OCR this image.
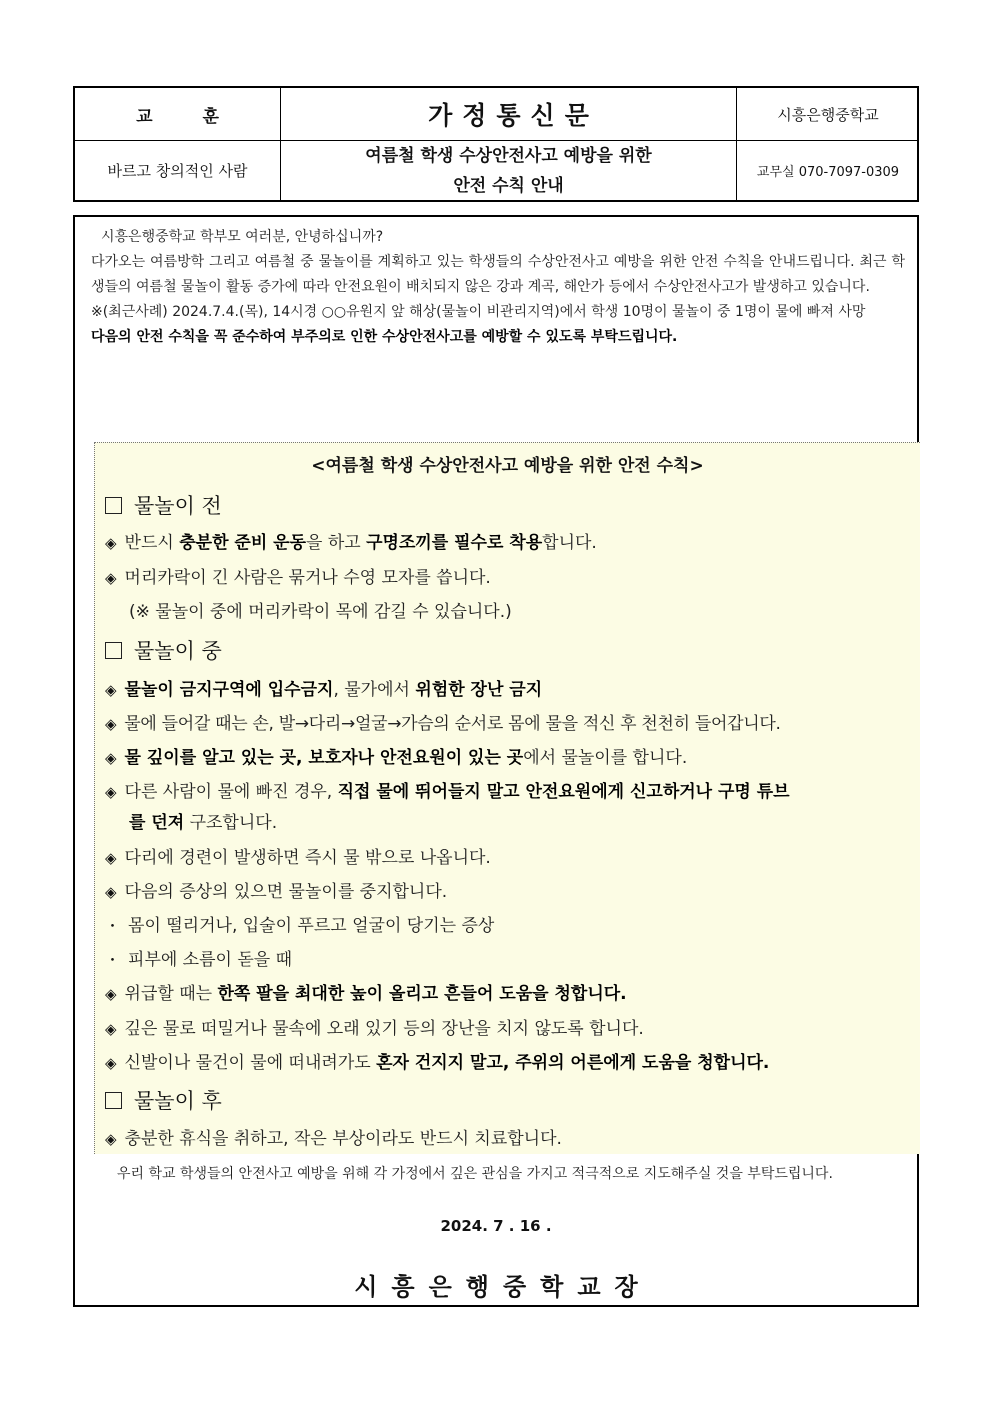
교 훈	가정통신문	시흥은행중학교
바르고 창의적인 사람
여름철 학생 수상안전사고 예방을 위한
안전 수칙 안내
교무실 070-7097-0309

시흥은행중학교 학부모 여러분, 안녕하십니까?

다가오는 여름방학 그리고 여름철 중 물놀이를 계획하고 있는 학생들의 수상안전사고 예방을 위한 안전 수칙을 안내드립니다. 최근 학생들의 여름철 물놀이 활동 증가에 따라 안전요원이 배치되지 않은 강과 계곡, 해안가 등에서 수상안전사고가 발생하고 있습니다.

※(최근사례) 2024.7.4.(목), 14시경 ○○유원지 앞 해상(물놀이 비관리지역)에서 학생 10명이 물놀이 중 1명이 물에 빠져 사망

다음의 안전 수칙을 꼭 준수하여 부주의로 인한 수상안전사고를 예방할 수 있도록 부탁드립니다.

<여름철 학생 수상안전사고 예방을 위한 안전 수칙>
물놀이 전
◈ 반드시 충분한 준비 운동을 하고 구명조끼를 필수로 착용합니다.
◈ 머리카락이 긴 사람은 묶거나 수영 모자를 씁니다.
(※ 물놀이 중에 머리카락이 목에 감길 수 있습니다.)
물놀이 중
◈ 물놀이 금지구역에 입수금지, 물가에서 위험한 장난 금지
◈ 물에 들어갈 때는 손, 발→다리→얼굴→가슴의 순서로 몸에 물을 적신 후 천천히 들어갑니다.
◈ 물 깊이를 알고 있는 곳, 보호자나 안전요원이 있는 곳에서 물놀이를 합니다.
◈ 다른 사람이 물에 빠진 경우, 직접 물에 뛰어들지 말고 안전요원에게 신고하거나 구명 튜브
를 던져 구조합니다.
◈ 다리에 경련이 발생하면 즉시 물 밖으로 나옵니다.
◈ 다음의 증상의 있으면 물놀이를 중지합니다.
・ 몸이 떨리거나, 입술이 푸르고 얼굴이 당기는 증상
・ 피부에 소름이 돋을 때
◈ 위급할 때는 한쪽 팔을 최대한 높이 올리고 흔들어 도움을 청합니다.
◈ 깊은 물로 떠밀거나 물속에 오래 있기 등의 장난을 치지 않도록 합니다.
◈ 신발이나 물건이 물에 떠내려가도 혼자 건지지 말고, 주위의 어른에게 도움을 청합니다.
물놀이 후
◈ 충분한 휴식을 취하고, 작은 부상이라도 반드시 치료합니다.
우리 학교 학생들의 안전사고 예방을 위해 각 가정에서 깊은 관심을 가지고 적극적으로 지도해주실 것을 부탁드립니다.
2024. 7 . 16 .
시흥은행중학교장
